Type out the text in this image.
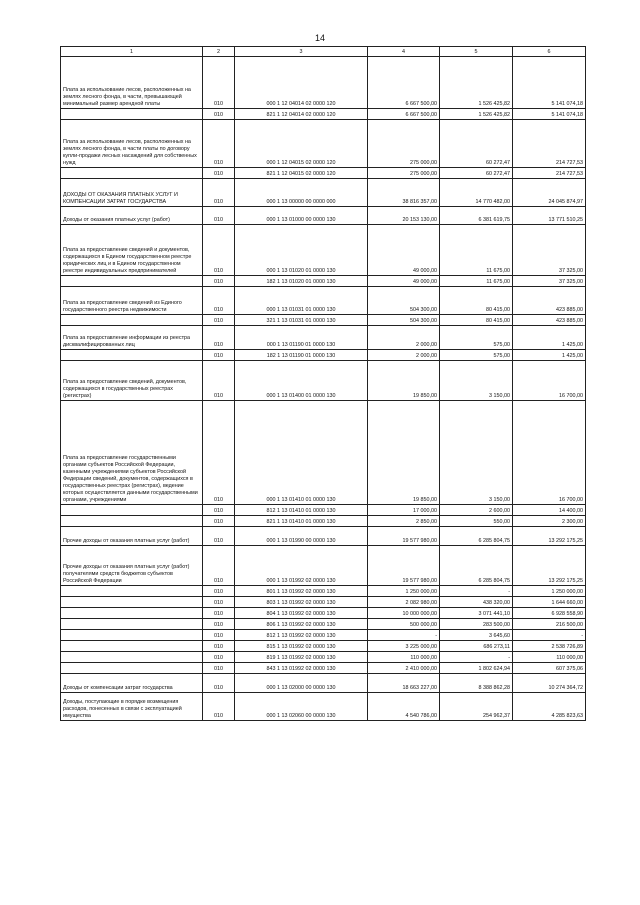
14
1	2	3	4	5	6
Плата за использование лесов, расположенных на землях лесного фонда, в части, превышающей минимальный размер арендной платы	010	000 1 12 04014 02 0000 120	6 667 500,00	1 526 425,82	5 141 074,18
	010	821 1 12 04014 02 0000 120	6 667 500,00	1 526 425,82	5 141 074,18
Плата за использование лесов, расположенных на землях лесного фонда, в части платы по договору купли-продажи лесных насаждений для собственных нужд	010	000 1 12 04015 02 0000 120	275 000,00	60 272,47	214 727,53
	010	821 1 12 04015 02 0000 120	275 000,00	60 272,47	214 727,53
ДОХОДЫ ОТ ОКАЗАНИЯ ПЛАТНЫХ УСЛУГ И КОМПЕНСАЦИИ ЗАТРАТ ГОСУДАРСТВА	010	000 1 13 00000 00 0000 000	38 816 357,00	14 770 482,00	24 045 874,97
Доходы от оказания платных услуг (работ)	010	000 1 13 01000 00 0000 130	20 153 130,00	6 381 619,75	13 771 510,25
Плата за предоставление сведений и документов, содержащихся в Едином государственном реестре юридических лиц и в Едином государственном реестре индивидуальных предпринимателей	010	000 1 13 01020 01 0000 130	49 000,00	11 675,00	37 325,00
	010	182 1 13 01020 01 0000 130	49 000,00	11 675,00	37 325,00
Плата за предоставление сведений из Единого государственного реестра недвижимости	010	000 1 13 01031 01 0000 130	504 300,00	80 415,00	423 885,00
	010	321 1 13 01031 01 0000 130	504 300,00	80 415,00	423 885,00
Плата за предоставление информации из реестра дисквалифицированных лиц	010	000 1 13 01190 01 0000 130	2 000,00	575,00	1 425,00
	010	182 1 13 01190 01 0000 130	2 000,00	575,00	1 425,00
Плата за предоставление сведений, документов, содержащихся в государственных реестрах (регистрах)	010	000 1 13 01400 01 0000 130	19 850,00	3 150,00	16 700,00
Плата за предоставление государственными органами субъектов Российской Федерации, казенными учреждениями субъектов Российской Федерации сведений, документов, содержащихся в государственных реестрах (регистрах), ведение которых осуществляется данными государственными органами, учреждениями	010	000 1 13 01410 01 0000 130	19 850,00	3 150,00	16 700,00
	010	812 1 13 01410 01 0000 130	17 000,00	2 600,00	14 400,00
	010	821 1 13 01410 01 0000 130	2 850,00	550,00	2 300,00
Прочие доходы от оказания платных услуг (работ)	010	000 1 13 01990 00 0000 130	19 577 980,00	6 285 804,75	13 292 175,25
Прочие доходы от оказания платных услуг (работ) получателями средств бюджетов субъектов Российской Федерации	010	000 1 13 01992 02 0000 130	19 577 980,00	6 285 804,75	13 292 175,25
	010	801 1 13 01992 02 0000 130	1 250 000,00	-	1 250 000,00
	010	803 1 13 01992 02 0000 130	2 082 980,00	438 320,00	1 644 660,00
	010	804 1 13 01992 02 0000 130	10 000 000,00	3 071 441,10	6 928 558,90
	010	806 1 13 01992 02 0000 130	500 000,00	283 500,00	216 500,00
	010	812 1 13 01992 02 0000 130	-	3 645,60	-
	010	815 1 13 01992 02 0000 130	3 225 000,00	686 273,11	2 538 726,89
	010	819 1 13 01992 02 0000 130	110 000,00	-	110 000,00
	010	843 1 13 01992 02 0000 130	2 410 000,00	1 802 624,94	607 375,06
Доходы от компенсации затрат государства	010	000 1 13 02000 00 0000 130	18 663 227,00	8 388 862,28	10 274 364,72
Доходы, поступающие в порядке возмещения расходов, понесенных в связи с эксплуатацией имущества	010	000 1 13 02060 00 0000 130	4 540 786,00	254 962,37	4 285 823,63
